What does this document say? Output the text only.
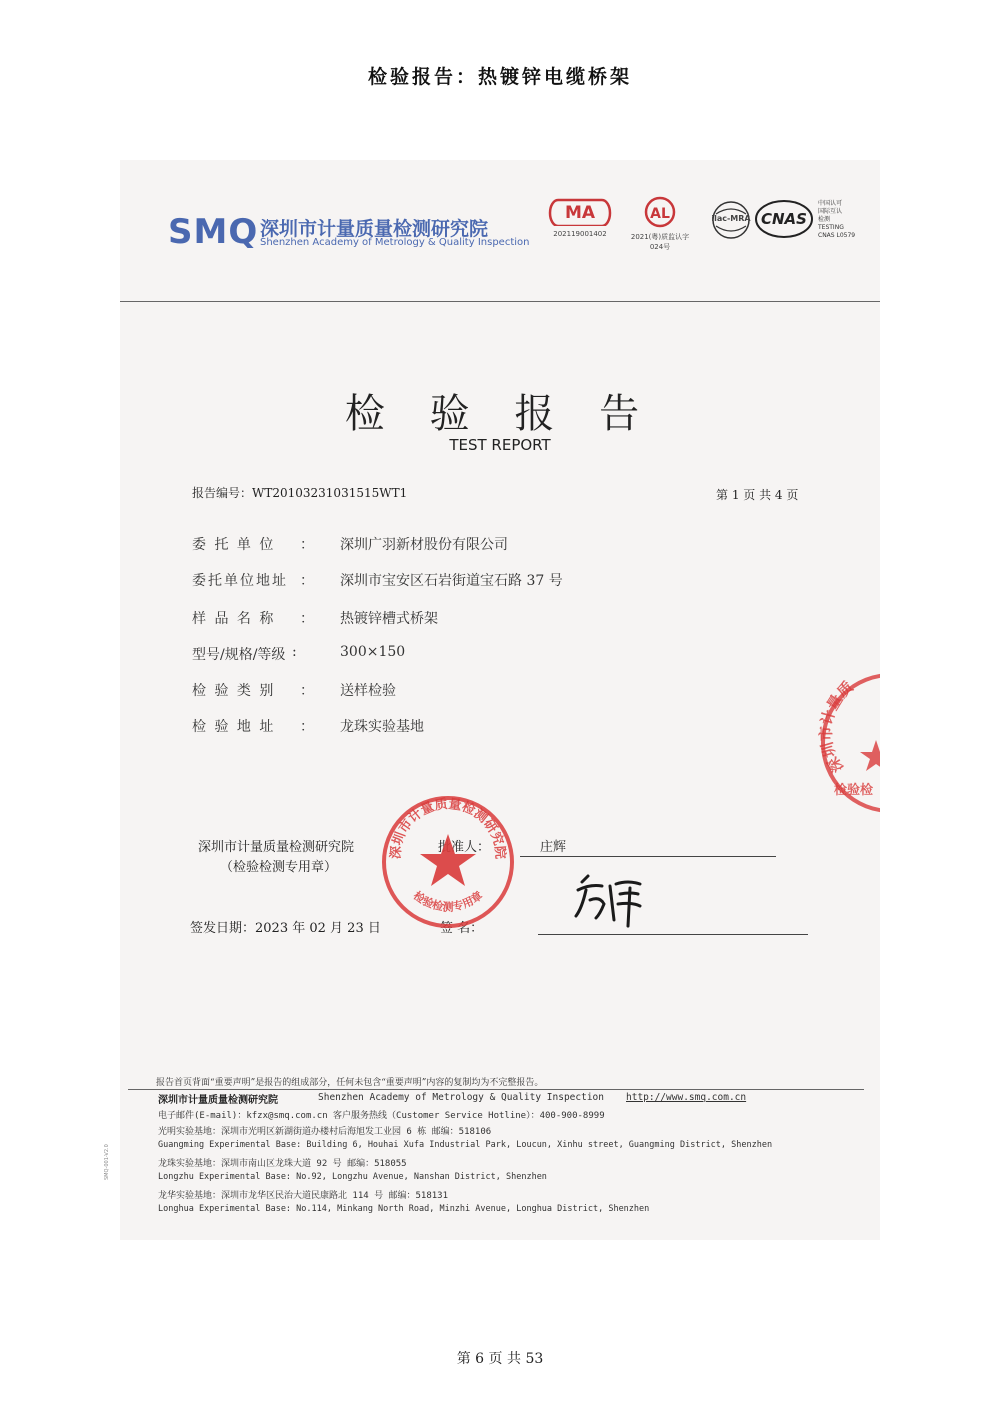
检验报告：热镀锌电缆桥架
SMQ 深圳市计量质量检测研究院
Shenzhen Academy of Metrology & Quality Inspection
MA
202119001402
AL
2021(粤)质监认字024号
ilac-MRA CNAS
中国认可
国际互认
检测
TESTING
CNAS L0579
检 验 报 告
TEST REPORT
报告编号：WT20103231031515WT1	第 1 页 共 4 页
委 托 单 位	： 深圳广羽新材股份有限公司
委托单位地址 ： 深圳市宝安区石岩街道宝石路 37 号
样 品 名 称	： 热镀锌槽式桥架
型号/规格/等级 :	300×150
检 验 类 别	： 送样检验
检 验 地 址	： 龙珠实验基地
深圳市计量质量检测研究院
（检验检测专用章）
批准人：	庄辉
签发日期：2023 年 02 月 23 日	签 名：
深圳市计量质量检测研究院
检验检测专用章
深圳市计量质
检验检
报告首页背面“重要声明”是报告的组成部分，任何未包含“重要声明”内容的复制均为不完整报告。
深圳市计量质量检测研究院	Shenzhen Academy of Metrology & Quality Inspection http://www.smq.com.cn
电子邮件(E-mail)：kfzx@smq.com.cn 客户服务热线（Customer Service Hotline）：400-900-8999
光明实验基地：深圳市光明区新湖街道办楼村后海旭发工业园 6 栋 邮编：518106
Guangming Experimental Base: Building 6, Houhai Xufa Industrial Park, Loucun, Xinhu street, Guangming District, Shenzhen
龙珠实验基地：深圳市南山区龙珠大道 92 号 邮编：518055
Longzhu Experimental Base: No.92, Longzhu Avenue, Nanshan District, Shenzhen
龙华实验基地：深圳市龙华区民治大道民康路北 114 号 邮编：518131
Longhua Experimental Base: No.114, Minkang North Road, Minzhi Avenue, Longhua District, Shenzhen
SMQ-001-V2.0
第 6 页 共 53
